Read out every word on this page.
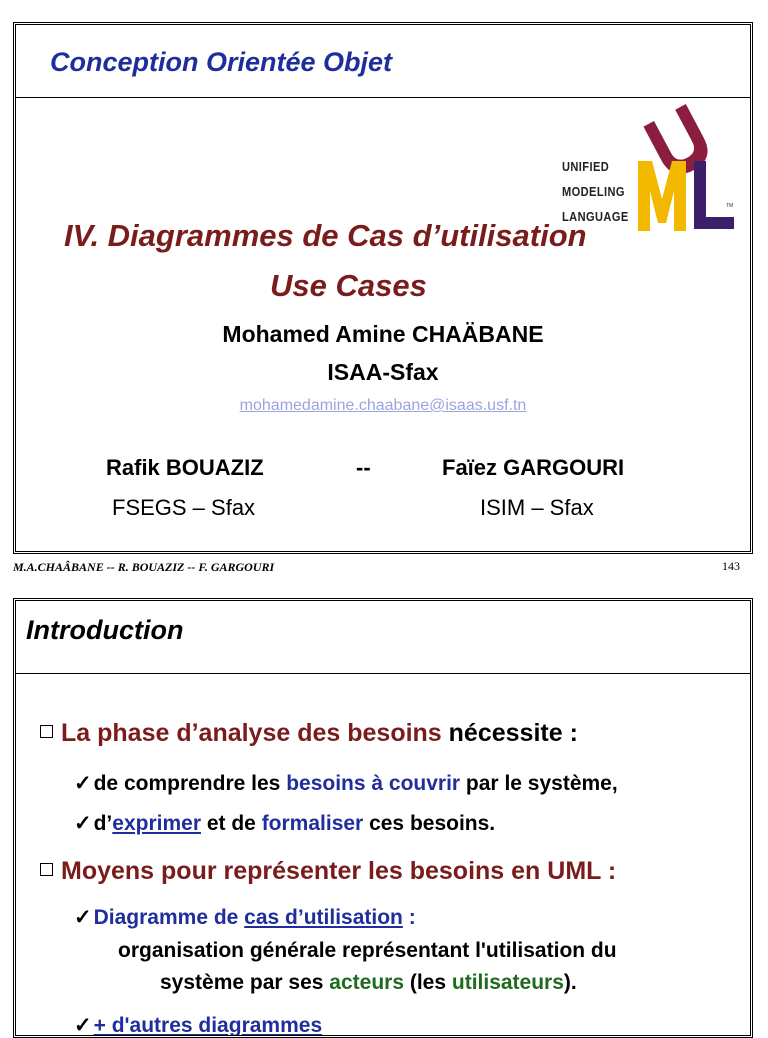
Conception Orientée Objet
UNIFIED
MODELING
LANGUAGE
TM
IV. Diagrammes de Cas d’utilisation
Use Cases
Mohamed Amine CHAÄBANE
ISAA-Sfax
mohamedamine.chaabane@isaas.usf.tn
Rafik BOUAZIZ	--	Faïez GARGOURI
FSEGS – Sfax	ISIM – Sfax
M.A.CHAÂBANE -- R. BOUAZIZ -- F. GARGOURI	143
Introduction
La phase d’analyse des besoins nécessite :
✓de comprendre les besoins à couvrir par le système,
✓d’exprimer et de formaliser ces besoins.
Moyens pour représenter les besoins en UML :
✓Diagramme de cas d’utilisation :
organisation générale représentant l'utilisation du
système par ses acteurs (les utilisateurs).
✓+ d'autres diagrammes
